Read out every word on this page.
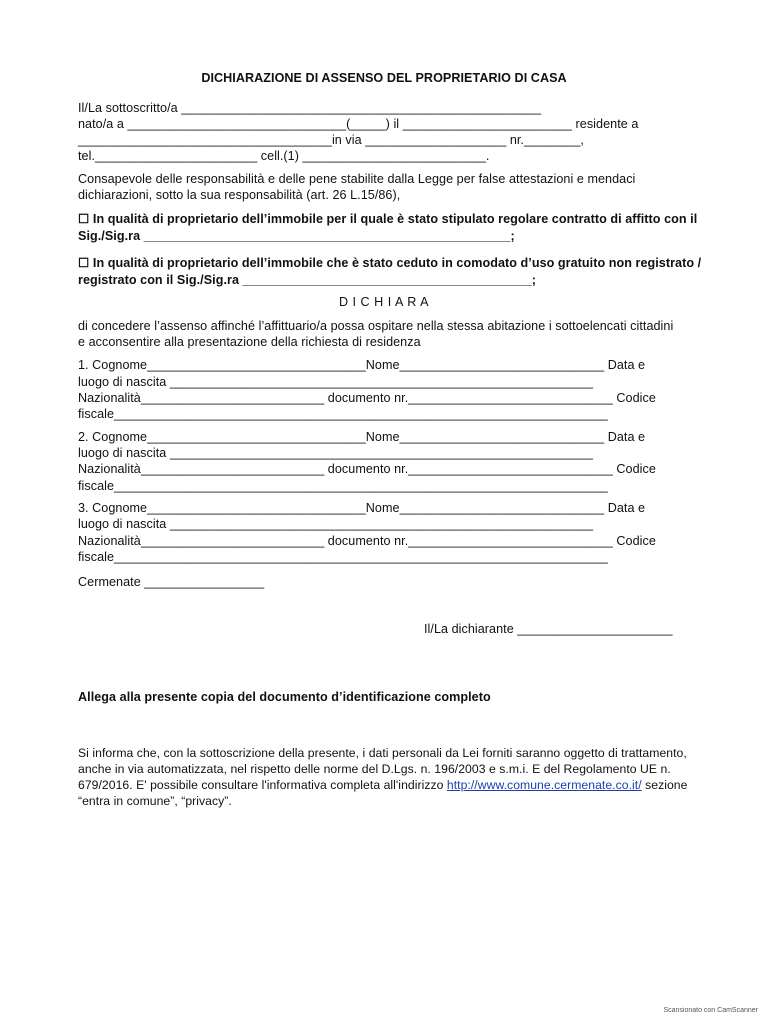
DICHIARAZIONE DI ASSENSO DEL PROPRIETARIO DI CASA
Il/La sottoscritto/a ___________________________________________________
nato/a a _______________________________(_____) il ________________________ residente a
____________________________________in via ____________________ nr.________,
tel._______________________ cell.(1) __________________________.
Consapevole delle responsabilità e delle pene stabilite dalla Legge per false attestazioni e mendaci
dichiarazioni, sotto la sua responsabilità (art. 26 L.15/86),
☐ In qualità di proprietario dell’immobile per il quale è stato stipulato regolare contratto di affitto con il
Sig./Sig.ra ____________________________________________________;
☐ In qualità di proprietario dell’immobile che è stato ceduto in comodato d’uso gratuito non registrato /
registrato con il Sig./Sig.ra _________________________________________;
D I C H I A R A
di concedere l’assenso affinché l’affittuario/a possa ospitare nella stessa abitazione i sottoelencati cittadini
e acconsentire alla presentazione della richiesta di residenza
1. Cognome_______________________________Nome_____________________________ Data e
luogo di nascita ____________________________________________________________
Nazionalità__________________________ documento nr._____________________________ Codice
fiscale______________________________________________________________________
2. Cognome_______________________________Nome_____________________________ Data e
luogo di nascita ____________________________________________________________
Nazionalità__________________________ documento nr._____________________________ Codice
fiscale______________________________________________________________________
3. Cognome_______________________________Nome_____________________________ Data e
luogo di nascita ____________________________________________________________
Nazionalità__________________________ documento nr._____________________________ Codice
fiscale______________________________________________________________________
Cermenate _________________
Il/La dichiarante ______________________
Allega alla presente copia del documento d’identificazione completo
Si informa che, con la sottoscrizione della presente, i dati personali da Lei forniti saranno oggetto di trattamento,
anche in via automatizzata, nel rispetto delle norme del D.Lgs. n. 196/2003 e s.m.i. E del Regolamento UE n.
679/2016. E' possibile consultare l'informativa completa all'indirizzo http://www.comune.cermenate.co.it/ sezione
“entra in comune”, “privacy”.
Scansionato con CamScanner
